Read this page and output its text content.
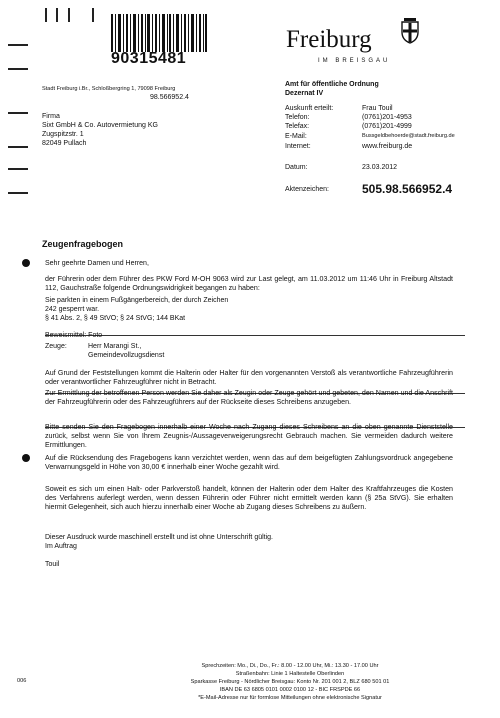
90315481
Freiburg
IM BREISGAU
Stadt Freiburg i.Br., Schloßbergring 1, 79098 Freiburg
98.566952.4
Firma
Sixt GmbH & Co. Autovermietung KG
Zugspitzstr. 1
82049 Pullach
Amt für öffentliche Ordnung
Dezernat IV
Auskunft erteilt:	Frau Touil
Telefon:	(0761)201-4953
Telefax:	(0761)201-4999
E-Mail:	Bussgeldbehoerde@stadt.freiburg.de
Internet:	www.freiburg.de
Datum:	23.03.2012
Aktenzeichen:	505.98.566952.4
Zeugenfragebogen
Sehr geehrte Damen und Herren,
der Führerin oder dem Führer des PKW Ford M-OH 9063 wird zur Last gelegt, am 11.03.2012 um 11:46 Uhr in Freiburg Altstadt 112, Gauchstraße folgende Ordnungswidrigkeit begangen zu haben:
Sie parkten in einem Fußgängerbereich, der durch Zeichen
242 gesperrt war.
§ 41 Abs. 2, § 49 StVO; § 24 StVG; 144 BKat
Beweismittel: Foto
Zeuge:	Herr Marangi St.,
Gemeindevollzugsdienst
Auf Grund der Feststellungen kommt die Halterin oder Halter für den vorgenannten Verstoß als verantwortliche Fahrzeugführerin oder verantwortlicher Fahrzeugführer nicht in Betracht.
Zur Ermittlung der betroffenen Person werden Sie daher als Zeugin oder Zeuge gehört und gebeten, den Namen und die Anschrift der Fahrzeugführerin oder des Fahrzeugführers auf der Rückseite dieses Schreibens anzugeben.
Bitte senden Sie den Fragebogen innerhalb einer Woche nach Zugang dieses Schreibens an die oben genannte Dienststelle zurück, selbst wenn Sie von Ihrem Zeugnis-/Aussageverweigerungsrecht Gebrauch machen. Sie vermeiden dadurch weitere Ermittlungen.
Auf die Rücksendung des Fragebogens kann verzichtet werden, wenn das auf dem beigefügten Zahlungsvordruck angegebene Verwarnungsgeld in Höhe von 30,00 € innerhalb einer Woche gezahlt wird.
Soweit es sich um einen Halt- oder Parkverstoß handelt, können der Halterin oder dem Halter des Kraftfahrzeuges die Kosten des Verfahrens auferlegt werden, wenn dessen Führerin oder Führer nicht ermittelt werden kann (§ 25a StVG). Sie erhalten hiermit Gelegenheit, sich auch hierzu innerhalb einer Woche ab Zugang dieses Schreibens zu äußern.
Dieser Ausdruck wurde maschinell erstellt und ist ohne Unterschrift gültig.
Im Auftrag
Touil
006
Sprechzeiten: Mo., Di., Do., Fr.: 8.00 - 12.00 Uhr, Mi.: 13.30 - 17.00 Uhr
Straßenbahn: Linie 1 Haltestelle Oberlinden
Sparkasse Freiburg - Nördlicher Breisgau: Konto Nr. 201 001 2, BLZ 680 501 01
IBAN DE 63 6805 0101 0002 0100 12 - BIC FRSPDE 66
*E-Mail-Adresse nur für formlose Mitteilungen ohne elektronische Signatur
